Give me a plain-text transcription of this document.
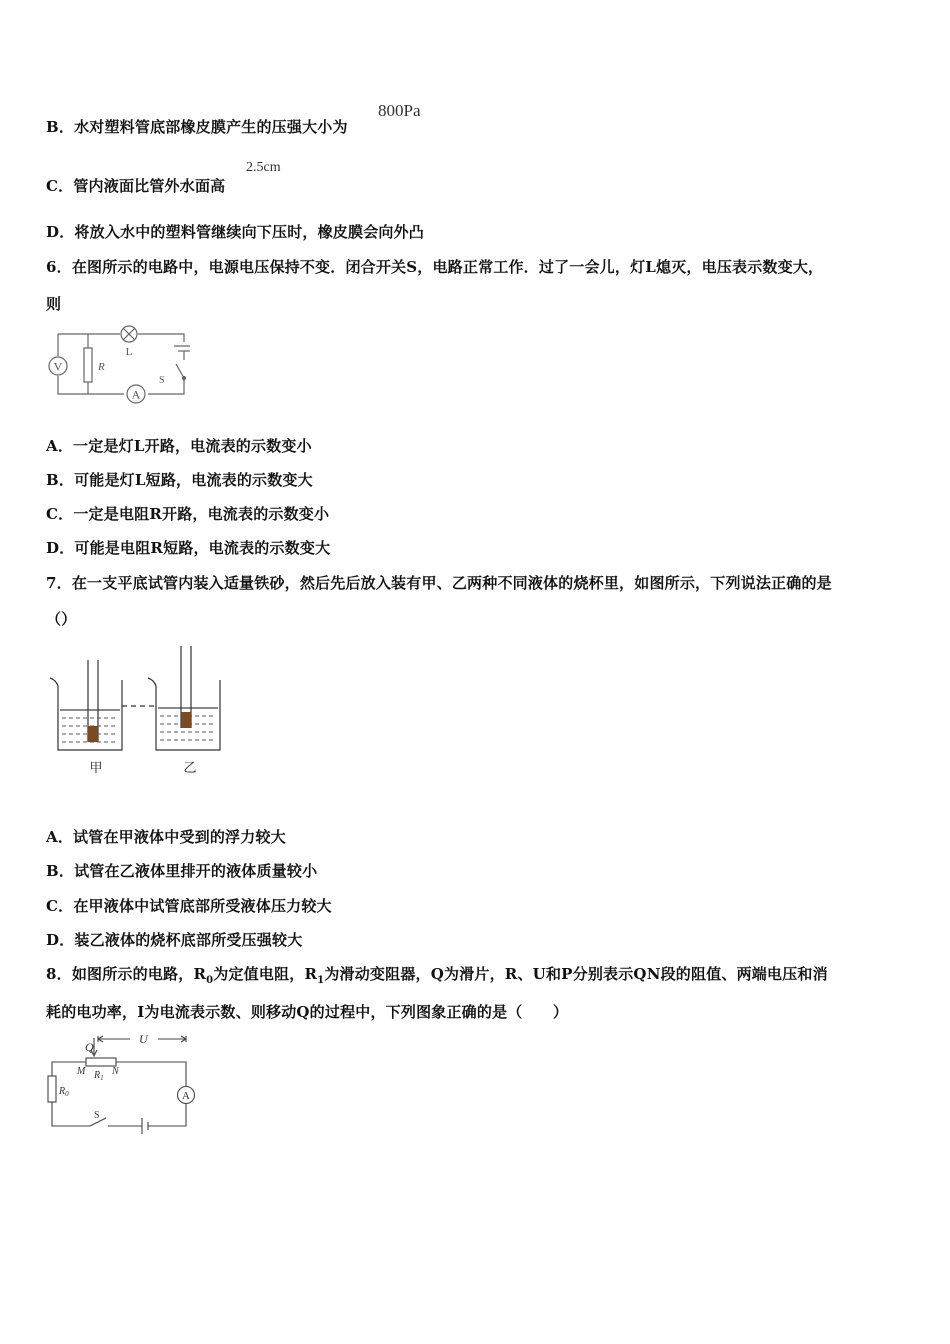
B．水对塑料管底部橡皮膜产生的压强大小为
800Pa
C．管内液面比管外水面高
2.5cm
D．将放入水中的塑料管继续向下压时，橡皮膜会向外凸
6．在图所示的电路中，电源电压保持不变．闭合开关S，电路正常工作．过了一会儿，灯L熄灭，电压表示数变大，
则
V	R
L
A
S
A．一定是灯L开路，电流表的示数变小
B．可能是灯L短路，电流表的示数变大
C．一定是电阻R开路，电流表的示数变小
D．可能是电阻R短路，电流表的示数变大
7．在一支平底试管内装入适量铁砂，然后先后放入装有甲、乙两种不同液体的烧杯里，如图所示，下列说法正确的是
（）
甲	乙
A．试管在甲液体中受到的浮力较大
B．试管在乙液体里排开的液体质量较小
C．在甲液体中试管底部所受液体压力较大
D．装乙液体的烧杯底部所受压强较大
8．如图所示的电路，$R_0$为定值电阻，$R_1$为滑动变阻器，Q为滑片，R、U和P分别表示QN段的阻值、两端电压和消
耗的电功率，I为电流表示数、则移动Q的过程中，下列图象正确的是（　　）
Q
U
M $R_1$
N
$R_0$	A
S
